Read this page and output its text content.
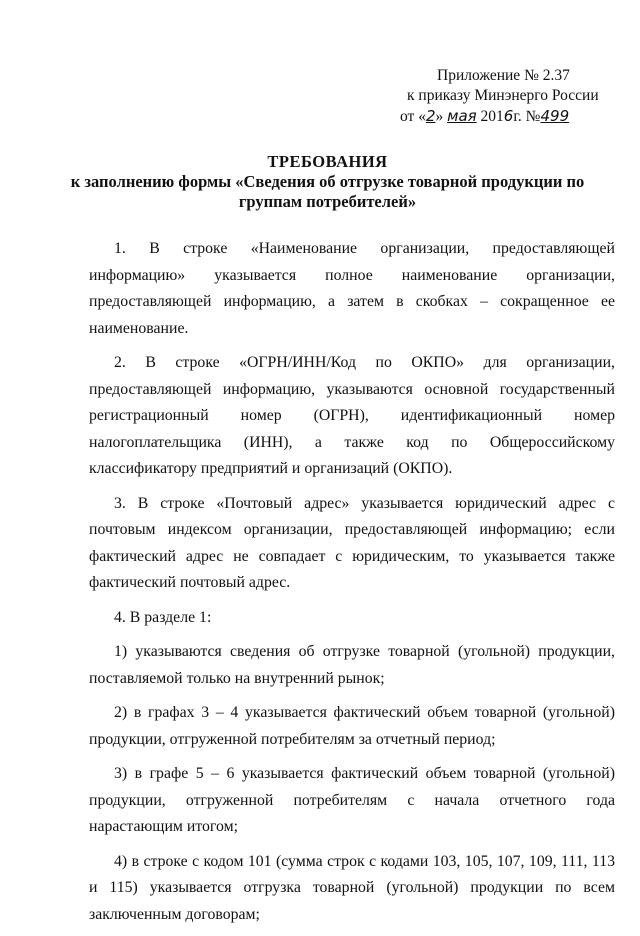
Приложение № 2.37
к приказу Минэнерго России
от «2» мая 2016г. №499
ТРЕБОВАНИЯ
к заполнению формы «Сведения об отгрузке товарной продукции по группам потребителей»

1. В строке «Наименование организации, предоставляющей информацию» указывается полное наименование организации, предоставляющей информацию, а затем в скобках – сокращенное ее наименование.

2. В строке «ОГРН/ИНН/Код по ОКПО» для организации, предоставляющей информацию, указываются основной государственный регистрационный номер (ОГРН), идентификационный номер налогоплательщика (ИНН), а также код по Общероссийскому классификатору предприятий и организаций (ОКПО).

3. В строке «Почтовый адрес» указывается юридический адрес с почтовым индексом организации, предоставляющей информацию; если фактический адрес не совпадает с юридическим, то указывается также фактический почтовый адрес.

4. В разделе 1:

1) указываются сведения об отгрузке товарной (угольной) продукции, поставляемой только на внутренний рынок;

2) в графах 3 – 4 указывается фактический объем товарной (угольной) продукции, отгруженной потребителям за отчетный период;

3) в графе 5 – 6 указывается фактический объем товарной (угольной) продукции, отгруженной потребителям с начала отчетного года нарастающим итогом;

4) в строке с кодом 101 (сумма строк с кодами 103, 105, 107, 109, 111, 113 и 115) указывается отгрузка товарной (угольной) продукции по всем заключенным договорам;
